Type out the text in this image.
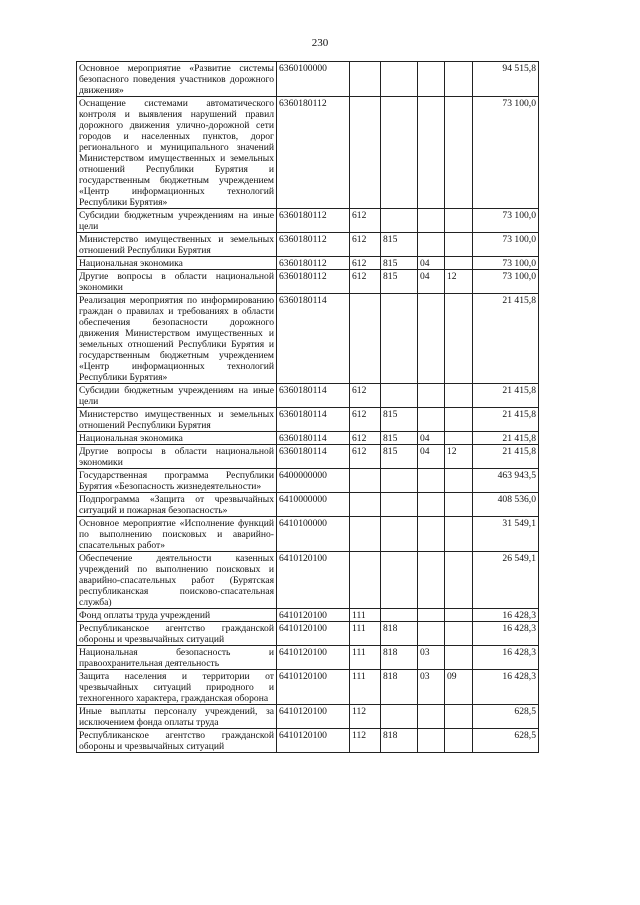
230
Основное мероприятие «Развитие системы безопасного поведения участников дорожного движения»	6360100000					94 515,8
Оснащение системами автоматического контроля и выявления нарушений правил дорожного движения улично-дорожной сети городов и населенных пунктов, дорог регионального и муниципального значений Министерством имущественных и земельных отношений Республики Бурятия и государственным бюджетным учреждением «Центр информационных технологий Республики Бурятия»	6360180112					73 100,0
Субсидии бюджетным учреждениям на иные цели	6360180112	612				73 100,0
Министерство имущественных и земельных отношений Республики Бурятия	6360180112	612	815			73 100,0
Национальная экономика	6360180112	612	815	04		73 100,0
Другие вопросы в области национальной экономики	6360180112	612	815	04	12	73 100,0
Реализация мероприятия по информированию граждан о правилах и требованиях в области обеспечения безопасности дорожного движения Министерством имущественных и земельных отношений Республики Бурятия и государственным бюджетным учреждением «Центр информационных технологий Республики Бурятия»	6360180114					21 415,8
Субсидии бюджетным учреждениям на иные цели	6360180114	612				21 415,8
Министерство имущественных и земельных отношений Республики Бурятия	6360180114	612	815			21 415,8
Национальная экономика	6360180114	612	815	04		21 415,8
Другие вопросы в области национальной экономики	6360180114	612	815	04	12	21 415,8
Государственная программа Республики Бурятия «Безопасность жизнедеятельности»	6400000000					463 943,5
Подпрограмма «Защита от чрезвычайных ситуаций и пожарная безопасность»	6410000000					408 536,0
Основное мероприятие «Исполнение функций по выполнению поисковых и аварийно-спасательных работ»	6410100000					31 549,1
Обеспечение деятельности казенных учреждений по выполнению поисковых и аварийно-спасательных работ (Бурятская республиканская поисково-спасательная служба)	6410120100					26 549,1
Фонд оплаты труда учреждений	6410120100	111				16 428,3
Республиканское агентство гражданской обороны и чрезвычайных ситуаций	6410120100	111	818			16 428,3
Национальная безопасность и правоохранительная деятельность	6410120100	111	818	03		16 428,3
Защита населения и территории от чрезвычайных ситуаций природного и техногенного характера, гражданская оборона	6410120100	111	818	03	09	16 428,3
Иные выплаты персоналу учреждений, за исключением фонда оплаты труда	6410120100	112				628,5
Республиканское агентство гражданской обороны и чрезвычайных ситуаций	6410120100	112	818			628,5
